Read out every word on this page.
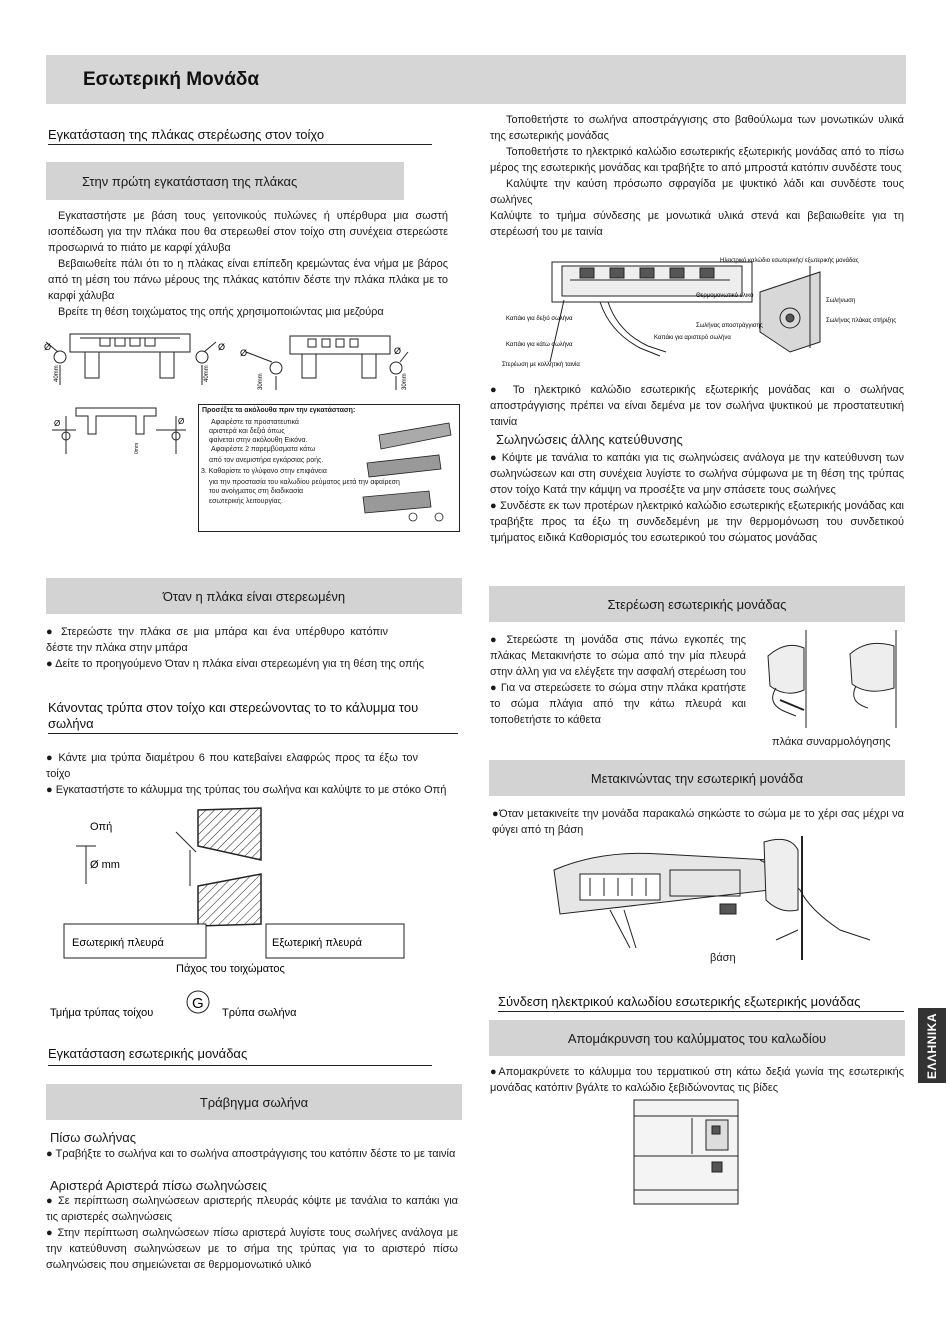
Εσωτερική Μονάδα
ΕΛΛΗΝΙΚΑ
Εγκατάσταση της πλάκας στερέωσης στον τοίχο
Στην πρώτη εγκατάσταση της πλάκας
Εγκαταστήστε με βάση τους γειτονικούς πυλώνες ή υπέρθυρα μια σωστή ισοπέδωση για την πλάκα που θα στερεωθεί στον τοίχο στη συνέχεια στερεώστε προσωρινά το πιάτο με καρφί χάλυβα
Βεβαιωθείτε πάλι ότι το η πλάκας είναι επίπεδη κρεμώντας ένα νήμα με βάρος από τη μέση του πάνω μέρους της πλάκας κατόπιν δέστε την πλάκα πλάκα με το καρφί χάλυβα
Βρείτε τη θέση τοιχώματος της οπής χρησιμοποιώντας μια μεζούρα
Ø	Ø
Ø	Ø
40mm	40mm	30mm	30mm
Ø	Ø
0mm
Προσέξτε τα ακόλουθα πριν την εγκατάσταση:
Αφαιρέστε τα προστατευτικά
αριστερά και δεξιά όπως
φαίνεται στην ακόλουθη Εικόνα.
Αφαιρέστε 2 παρεμβύσματα κάτω
από τον ανεμιστήρα εγκάρσιας ροής.
3. Καθαρίστε το γλύφανο στην επιφάνεια
για την προστασία του καλωδίου ρεύματος μετά την αφαίρεση
του ανοίγματος στη διαδικασία
εσωτερικής λειτουργίας.
Όταν η πλάκα είναι στερεωμένη
● Στερεώστε την πλάκα σε μια μπάρα και ένα υπέρθυρο κατόπιν δέστε την πλάκα στην μπάρα
● Δείτε το προηγούμενο Όταν η πλάκα είναι στερεωμένη για τη θέση της οπής
Κάνοντας τρύπα στον τοίχο και στερεώνοντας το το κάλυμμα του σωλήνα
● Κάντε μια τρύπα διαμέτρου 6 που κατεβαίνει ελαφρώς προς τα έξω τον τοίχο
● Εγκαταστήστε το κάλυμμα της τρύπας του σωλήνα και καλύψτε το με στόκο Οπή
Οπή
Ø mm
Εσωτερική πλευρά	Εξωτερική πλευρά
Πάχος του τοιχώματος
Τμήμα τρύπας τοίχου
G
Τρύπα σωλήνα
Εγκατάσταση εσωτερικής μονάδας
Τράβηγμα σωλήνα
Πίσω σωλήνας
● Τραβήξτε το σωλήνα και το σωλήνα αποστράγγισης του κατόπιν δέστε το με ταινία
Αριστερά Αριστερά πίσω σωληνώσεις
● Σε περίπτωση σωληνώσεων αριστερής πλευράς κόψτε με τανάλια το καπάκι για τις αριστερές σωληνώσεις
● Στην περίπτωση σωληνώσεων πίσω αριστερά λυγίστε τους σωλήνες ανάλογα με την κατεύθυνση σωληνώσεων με το σήμα της τρύπας για το αριστερό πίσω σωληνώσεις που σημειώνεται σε θερμομονωτικό υλικό
Τοποθετήστε το σωλήνα αποστράγγισης στο βαθούλωμα των μονωτικών υλικά της εσωτερικής μονάδας
Τοποθετήστε το ηλεκτρικό καλώδιο εσωτερικής εξωτερικής μονάδας από το πίσω μέρος της εσωτερικής μονάδας και τραβήξτε το από μπροστά κατόπιν συνδέστε τους
Καλύψτε την καύση πρόσωπο σφραγίδα με ψυκτικό λάδι και συνδέστε τους σωλήνες
Καλύψτε το τμήμα σύνδεσης με μονωτικά υλικά στενά και βεβαιωθείτε για τη στερέωσή του με ταινία
Ηλεκτρικό καλώδιο εσωτερικής/ εξωτερικής μονάδας
Θερμομονωτικό υλικό
Σωλήνωση
Καπάκι για δεξιό σωλήνα
Καπάκι για κάτω σωλήνα
Καπάκι για αριστερό σωλήνα
Σωλήνας αποστράγγισης
Σωλήνας πλάκας στήριξης
Στερέωση με κολλητική ταινία
● Το ηλεκτρικό καλώδιο εσωτερικής εξωτερικής μονάδας και ο σωλήνας αποστράγγισης πρέπει να είναι δεμένα με τον σωλήνα ψυκτικού με προστατευτική ταινία
Σωληνώσεις άλλης κατεύθυνσης
● Κόψτε με τανάλια το καπάκι για τις σωληνώσεις ανάλογα με την κατεύθυνση των σωληνώσεων και στη συνέχεια λυγίστε το σωλήνα σύμφωνα με τη θέση της τρύπας στον τοίχο Κατά την κάμψη να προσέξτε να μην σπάσετε τους σωλήνες
● Συνδέστε εκ των προτέρων ηλεκτρικό καλώδιο εσωτερικής εξωτερικής μονάδας και τραβήξτε προς τα έξω τη συνδεδεμένη με την θερμομόνωση του συνδετικού τμήματος ειδικά Καθορισμός του εσωτερικού του σώματος μονάδας
Στερέωση εσωτερικής μονάδας
● Στερεώστε τη μονάδα στις πάνω εγκοπές της πλάκας Μετακινήστε το σώμα από την μία πλευρά στην άλλη για να ελέγξετε την ασφαλή στερέωση του
● Για να στερεώσετε το σώμα στην πλάκα κρατήστε το σώμα πλάγια από την κάτω πλευρά και τοποθετήστε το κάθετα
πλάκα συναρμολόγησης
Μετακινώντας την εσωτερική μονάδα
●Όταν μετακινείτε την μονάδα παρακαλώ σηκώστε το σώμα με το χέρι σας μέχρι να φύγει από τη βάση
βάση
Σύνδεση ηλεκτρικού καλωδίου εσωτερικής εξωτερικής μονάδας
Απομάκρυνση του καλύμματος του καλωδίου
●Απομακρύνετε το κάλυμμα του τερματικού στη κάτω δεξιά γωνία της εσωτερικής μονάδας κατόπιν βγάλτε το καλώδιο ξεβιδώνοντας τις βίδες
